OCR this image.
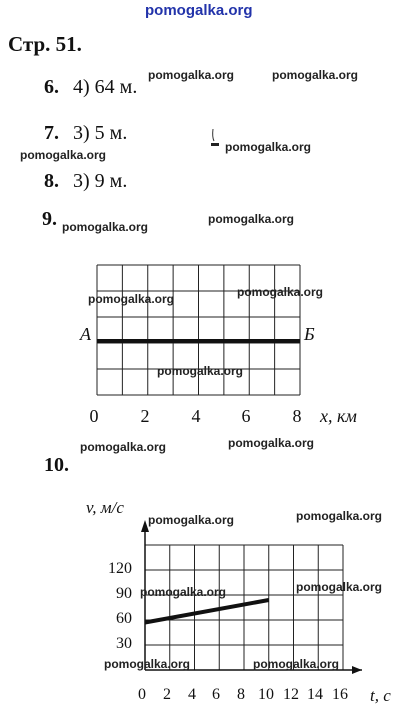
pomogalka.org
Стр. 51.
6. 4) 64 м.
7. 3) 5 м.
8. 3) 9 м.
9.
10.
А	Б
0	2	4	6	8	x, км
0	2	4	6	8 10 12 14 16
30
60
90
120
v, м/с
t, с
pomogalka.org	pomogalka.org
pomogalka.org
pomogalka.org
pomogalka.org
pomogalka.org
pomogalka.org
pomogalka.org
pomogalka.org
pomogalka.org
pomogalka.org
pomogalka.org	pomogalka.org
pomogalka.org	pomogalka.org
pomogalka.org	pomogalka.org
